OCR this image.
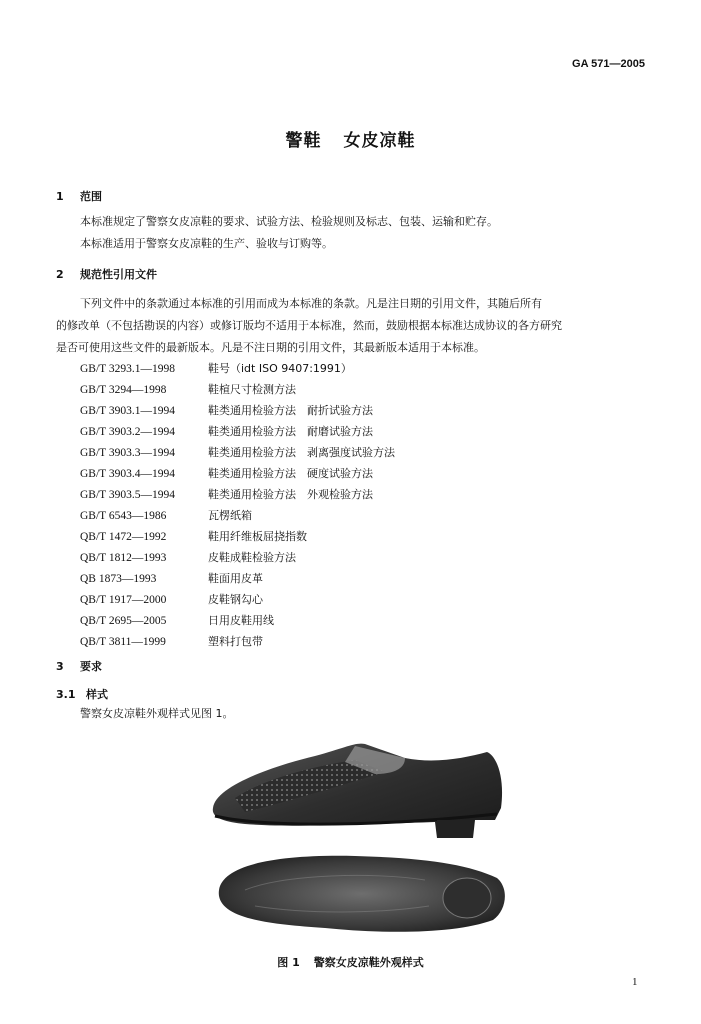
GA 571—2005
警鞋 女皮凉鞋
1 范围
本标准规定了警察女皮凉鞋的要求、试验方法、检验规则及标志、包装、运输和贮存。
本标准适用于警察女皮凉鞋的生产、验收与订购等。
2 规范性引用文件
下列文件中的条款通过本标准的引用而成为本标准的条款。凡是注日期的引用文件，其随后所有
的修改单（不包括勘误的内容）或修订版均不适用于本标准，然而，鼓励根据本标准达成协议的各方研究
是否可使用这些文件的最新版本。凡是不注日期的引用文件，其最新版本适用于本标准。
GB/T 3293.1—1998	鞋号（idt ISO 9407:1991）
GB/T 3294—1998	鞋楦尺寸检测方法
GB/T 3903.1—1994	鞋类通用检验方法　耐折试验方法
GB/T 3903.2—1994	鞋类通用检验方法　耐磨试验方法
GB/T 3903.3—1994	鞋类通用检验方法　剥离强度试验方法
GB/T 3903.4—1994	鞋类通用检验方法　硬度试验方法
GB/T 3903.5—1994	鞋类通用检验方法　外观检验方法
GB/T 6543—1986	瓦楞纸箱
QB/T 1472—1992	鞋用纤维板屈挠指数
QB/T 1812—1993	皮鞋成鞋检验方法
QB 1873—1993	鞋面用皮革
QB/T 1917—2000	皮鞋钢勾心
QB/T 2695—2005	日用皮鞋用线
QB/T 3811—1999	塑料打包带
3 要求
3.1 样式
警察女皮凉鞋外观样式见图 1。
图 1 警察女皮凉鞋外观样式
1
